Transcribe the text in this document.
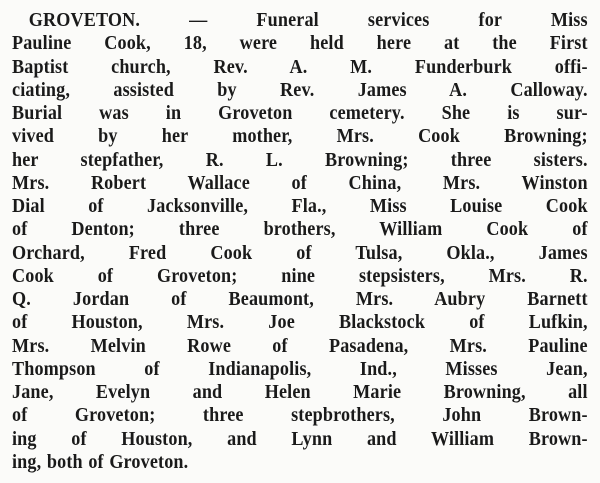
GROVETON. — Funeral services for Miss
Pauline Cook, 18, were held here at the First
Baptist church, Rev. A. M. Funderburk offi-
ciating, assisted by Rev. James A. Calloway.
Burial was in Groveton cemetery. She is sur-
vived by her mother, Mrs. Cook Browning;
her stepfather, R. L. Browning; three sisters.
Mrs. Robert Wallace of China, Mrs. Winston
Dial of Jacksonville, Fla., Miss Louise Cook
of Denton; three brothers, William Cook of
Orchard, Fred Cook of Tulsa, Okla., James
Cook of Groveton; nine stepsisters, Mrs. R.
Q. Jordan of Beaumont, Mrs. Aubry Barnett
of Houston, Mrs. Joe Blackstock of Lufkin,
Mrs. Melvin Rowe of Pasadena, Mrs. Pauline
Thompson of Indianapolis, Ind., Misses Jean,
Jane, Evelyn and Helen Marie Browning, all
of Groveton; three stepbrothers, John Brown-
ing of Houston, and Lynn and William Brown-
ing, both of Groveton.
